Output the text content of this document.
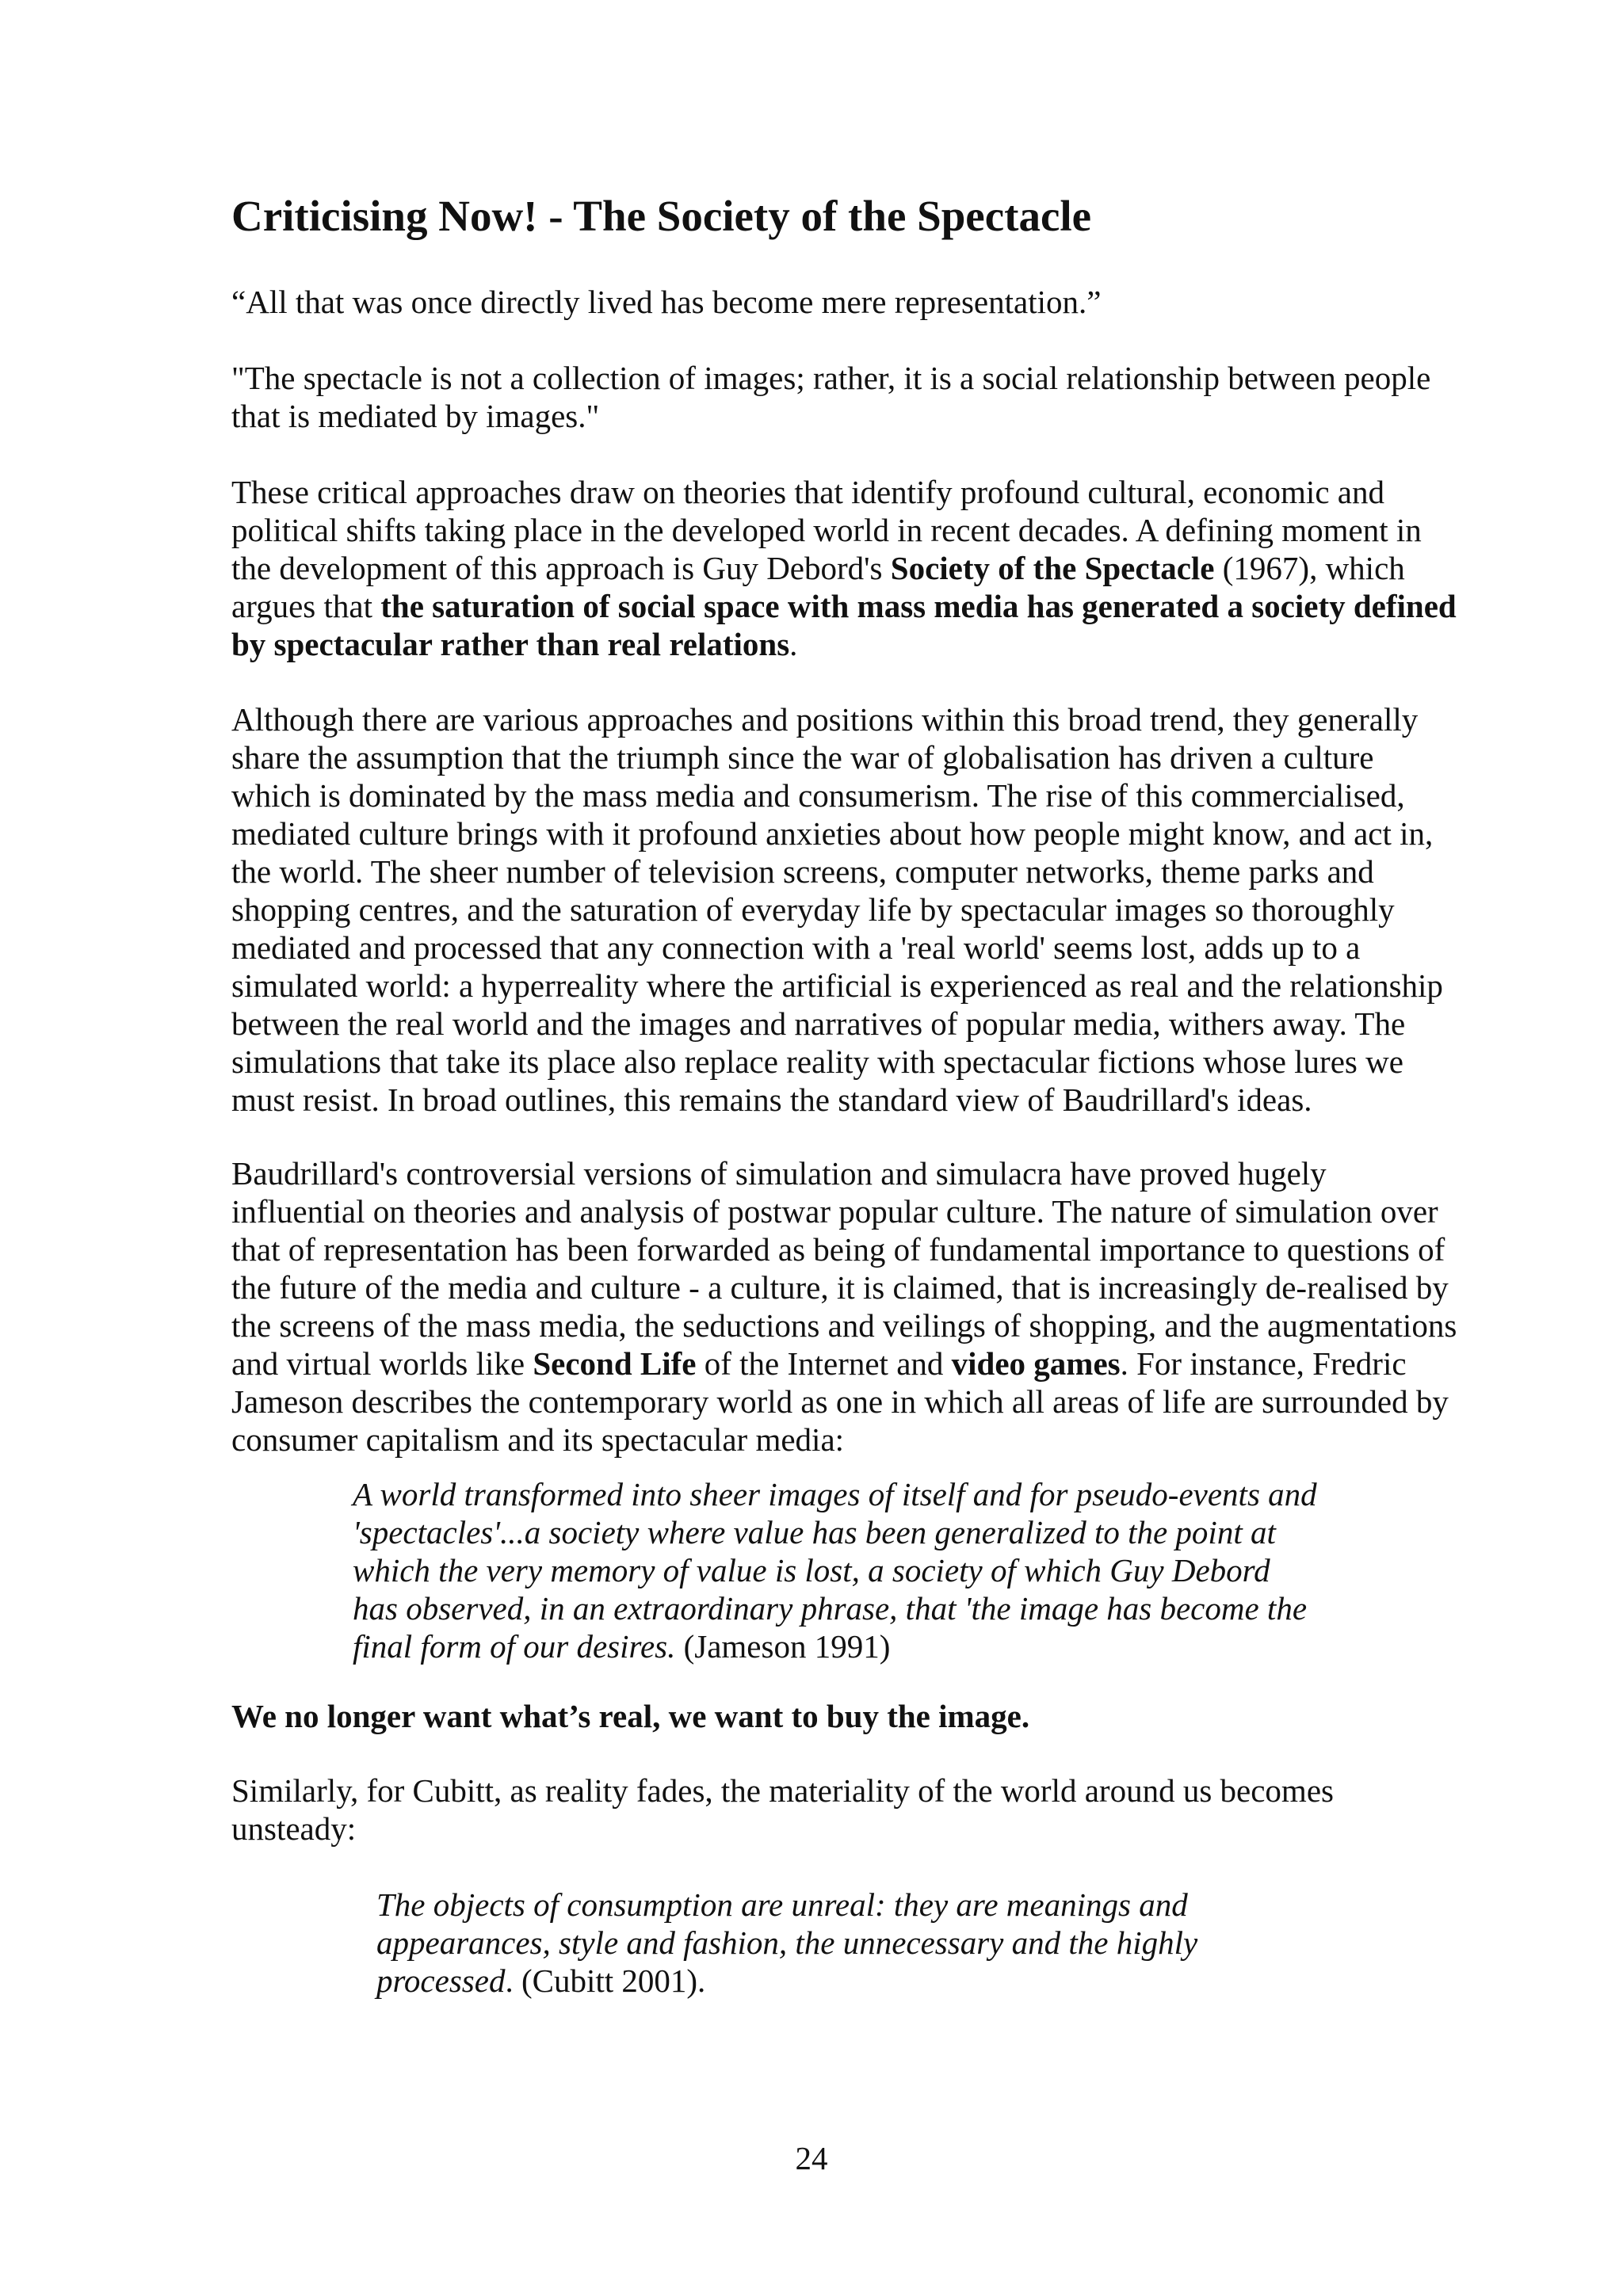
Criticising Now! - The Society of the Spectacle

“All that was once directly lived has become mere representation.”

"The spectacle is not a collection of images; rather, it is a social relationship between people
that is mediated by images."

These critical approaches draw on theories that identify profound cultural, economic and
political shifts taking place in the developed world in recent decades. A defining moment in
the development of this approach is Guy Debord's Society of the Spectacle (1967), which
argues that the saturation of social space with mass media has generated a society defined
by spectacular rather than real relations.

Although there are various approaches and positions within this broad trend, they generally
share the assumption that the triumph since the war of globalisation has driven a culture
which is dominated by the mass media and consumerism. The rise of this commercialised,
mediated culture brings with it profound anxieties about how people might know, and act in,
the world. The sheer number of television screens, computer networks, theme parks and
shopping centres, and the saturation of everyday life by spectacular images so thoroughly
mediated and processed that any connection with a 'real world' seems lost, adds up to a
simulated world: a hyperreality where the artificial is experienced as real and the relationship
between the real world and the images and narratives of popular media, withers away. The
simulations that take its place also replace reality with spectacular fictions whose lures we
must resist. In broad outlines, this remains the standard view of Baudrillard's ideas.

Baudrillard's controversial versions of simulation and simulacra have proved hugely
influential on theories and analysis of postwar popular culture. The nature of simulation over
that of representation has been forwarded as being of fundamental importance to questions of
the future of the media and culture - a culture, it is claimed, that is increasingly de-realised by
the screens of the mass media, the seductions and veilings of shopping, and the augmentations
and virtual worlds like Second Life of the Internet and video games. For instance, Fredric
Jameson describes the contemporary world as one in which all areas of life are surrounded by
consumer capitalism and its spectacular media:

A world transformed into sheer images of itself and for pseudo-events and
'spectacles'...a society where value has been generalized to the point at
which the very memory of value is lost, a society of which Guy Debord
has observed, in an extraordinary phrase, that 'the image has become the
final form of our desires. (Jameson 1991)

We no longer want what’s real, we want to buy the image.

Similarly, for Cubitt, as reality fades, the materiality of the world around us becomes
unsteady:

The objects of consumption are unreal: they are meanings and
appearances, style and fashion, the unnecessary and the highly
processed. (Cubitt 2001).

24
